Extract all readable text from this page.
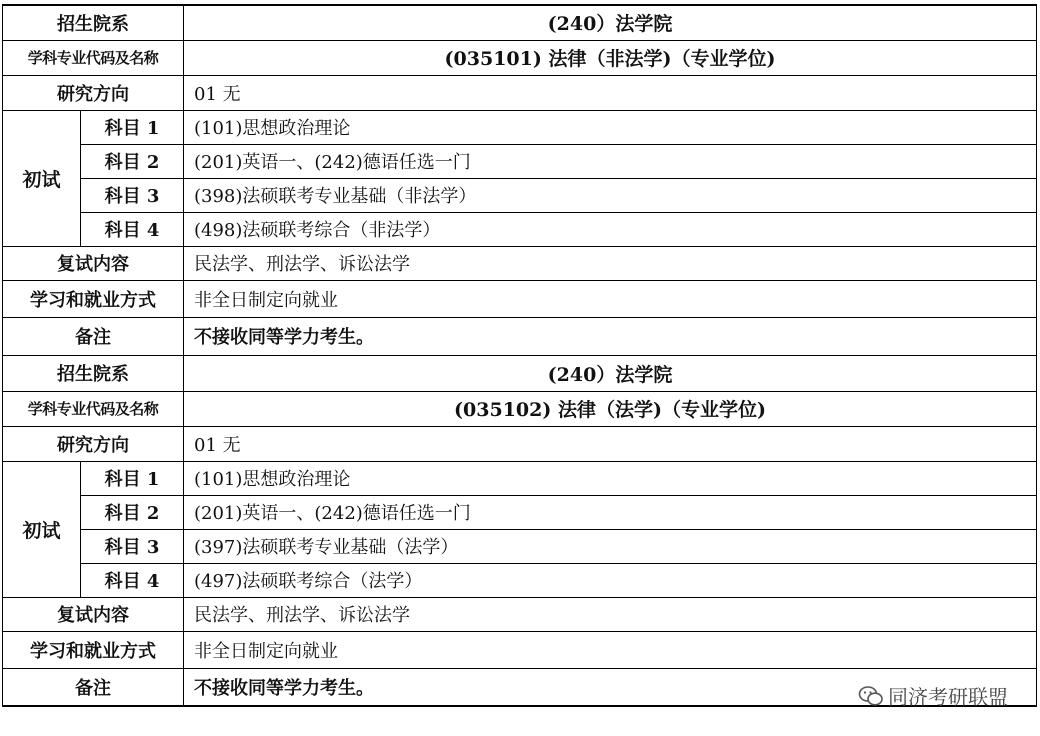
招生院系		(240）法学院
学科专业代码及名称		(035101) 法律（非法学)（专业学位)
研究方向		01 无
初试	科目 1	(101)思想政治理论
	科目 2	(201)英语一、(242)德语任选一门
	科目 3	(398)法硕联考专业基础（非法学）
	科目 4	(498)法硕联考综合（非法学）
复试内容		民法学、刑法学、诉讼法学
学习和就业方式		非全日制定向就业
备注		不接收同等学力考生。
招生院系		(240）法学院
学科专业代码及名称		(035102) 法律（法学)（专业学位)
研究方向		01 无
初试	科目 1	(101)思想政治理论
	科目 2	(201)英语一、(242)德语任选一门
	科目 3	(397)法硕联考专业基础（法学）
	科目 4	(497)法硕联考综合（法学）
复试内容		民法学、刑法学、诉讼法学
学习和就业方式		非全日制定向就业
备注		不接收同等学力考生。	同济考研联盟
